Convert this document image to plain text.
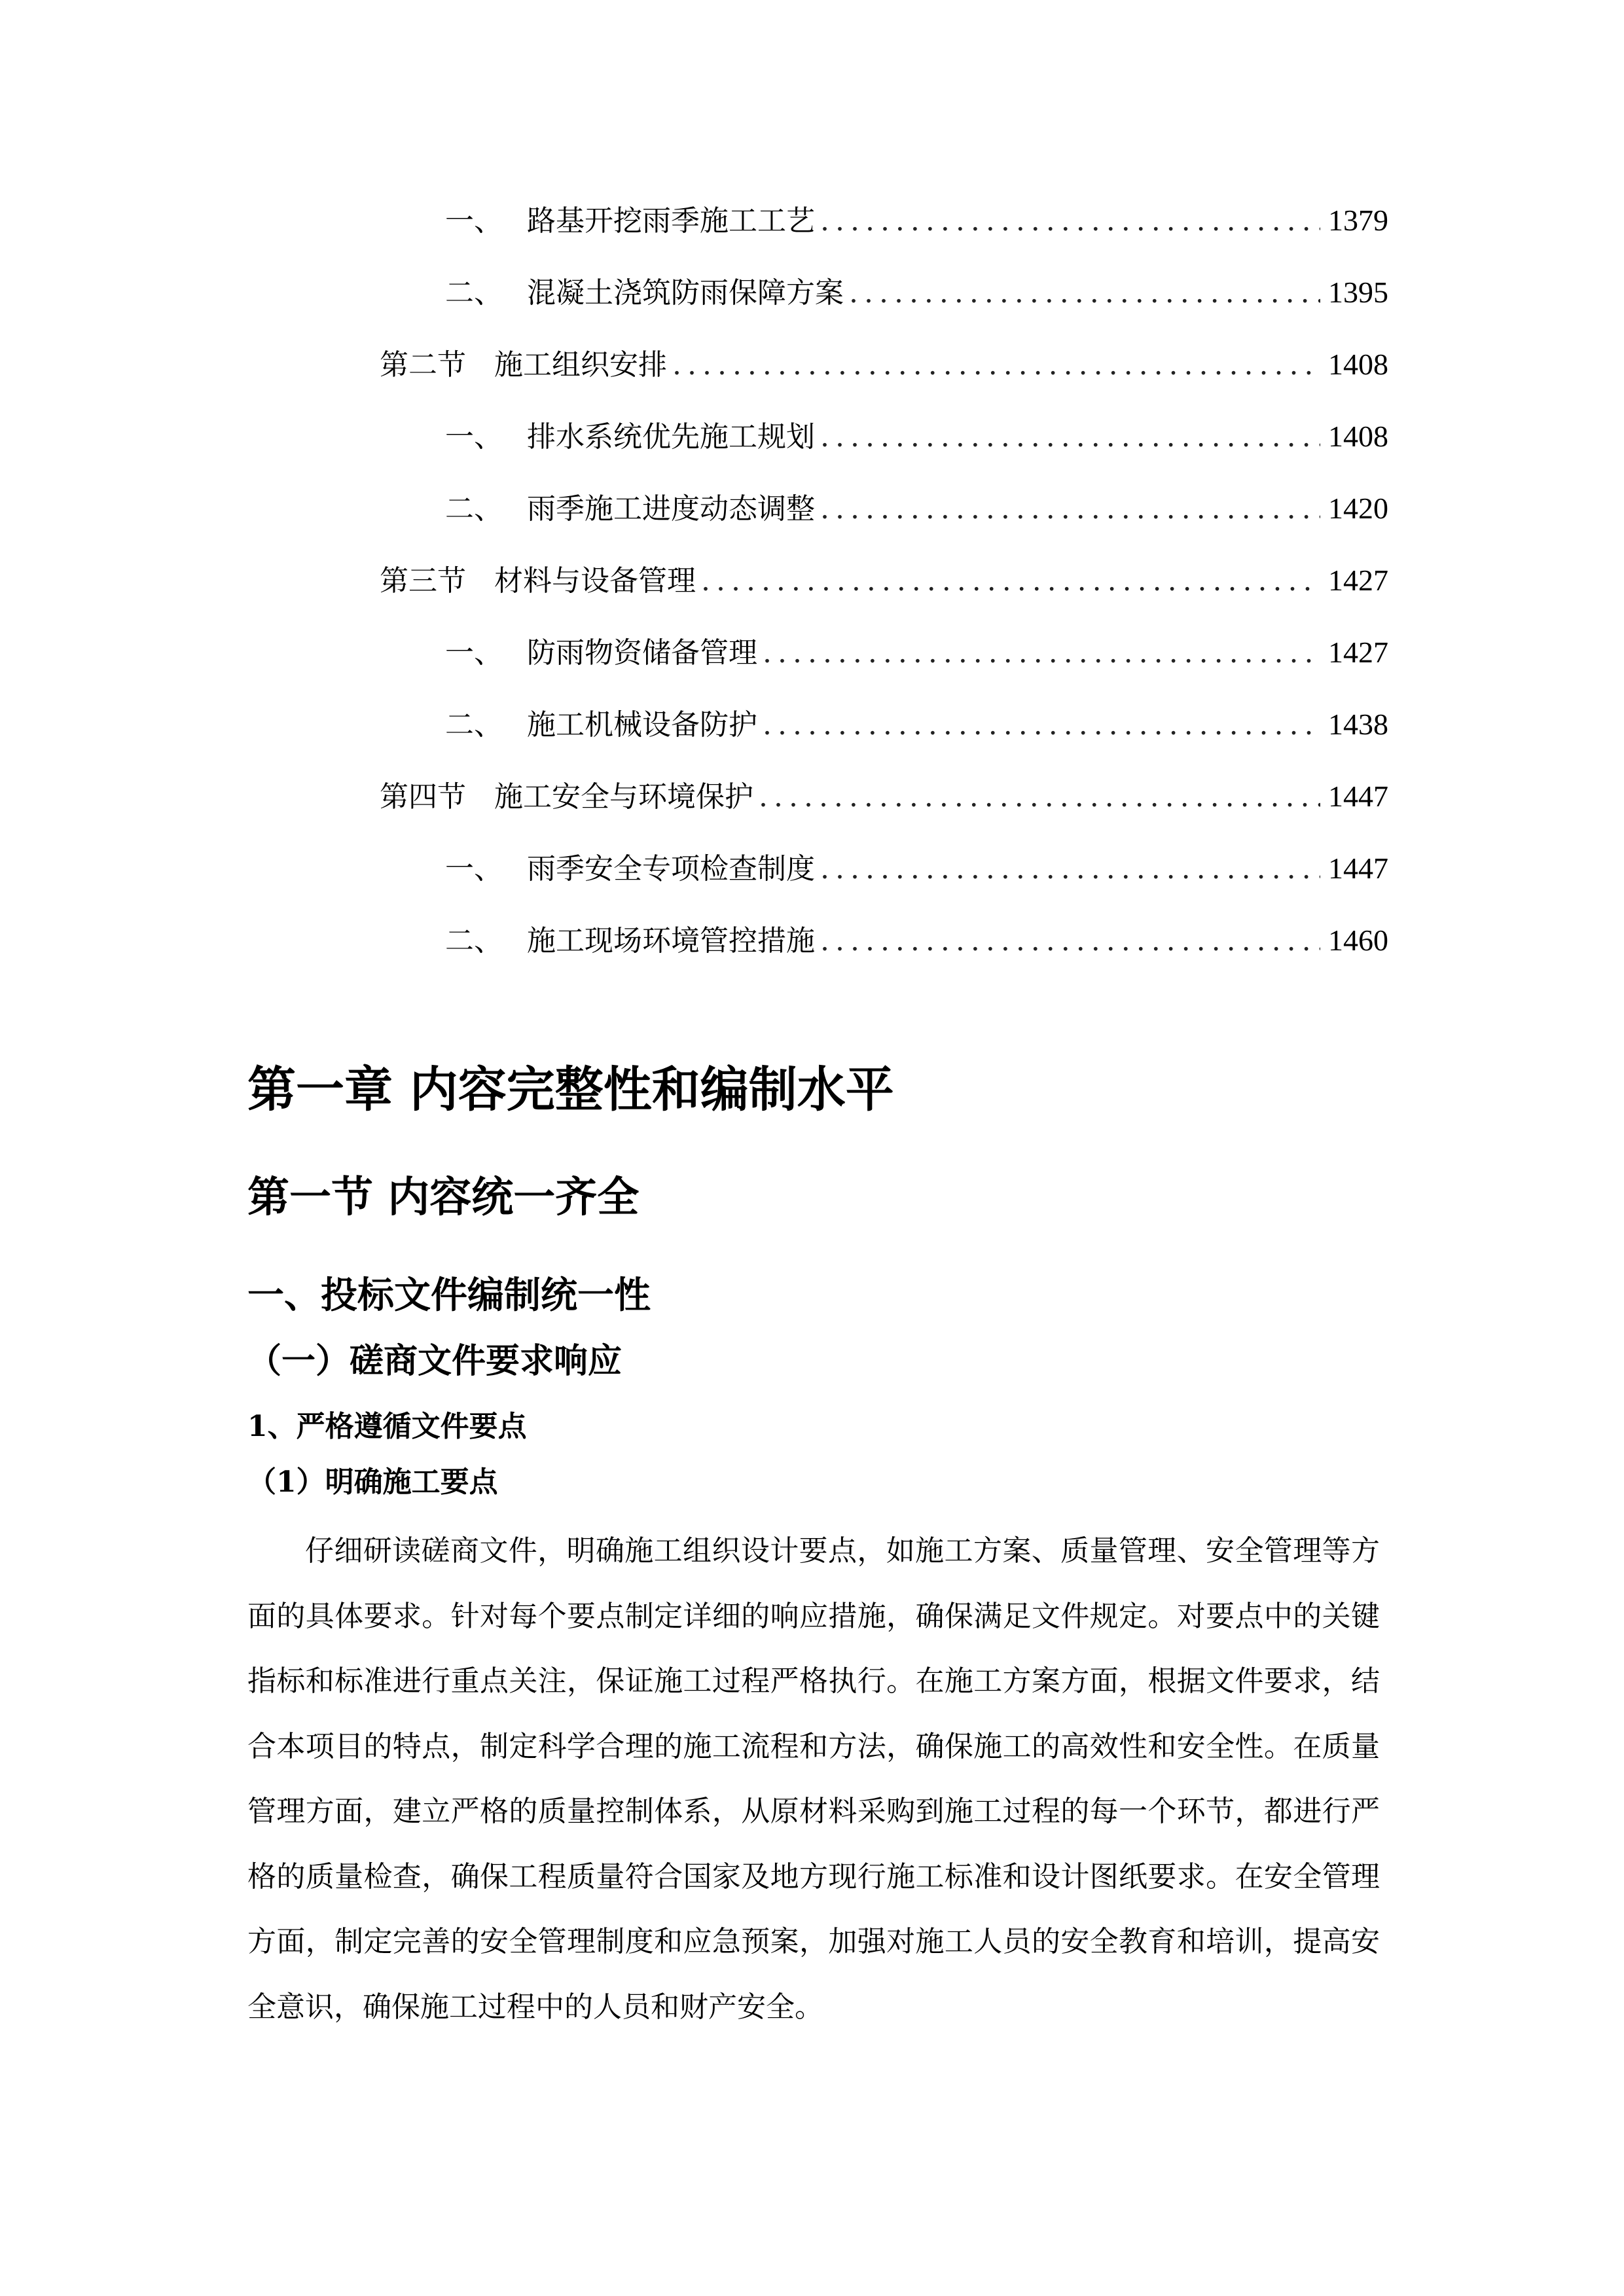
一、 路基开挖雨季施工工艺 .....	1379
二、 混凝土浇筑防雨保障方案 .....	1395
第二节 施工组织安排 .....	1408
一、 排水系统优先施工规划 .....	1408
二、 雨季施工进度动态调整 .....	1420
第三节 材料与设备管理 .....	1427
一、 防雨物资储备管理 .....	1427
二、 施工机械设备防护 .....	1438
第四节 施工安全与环境保护 .....	1447
一、 雨季安全专项检查制度 .....	1447
二、 施工现场环境管控措施 .....	1460
第一章 内容完整性和编制水平
第一节 内容统一齐全
一、投标文件编制统一性
（一）磋商文件要求响应
1、严格遵循文件要点
（1）明确施工要点

仔细研读磋商文件，明确施工组织设计要点，如施工方案、质量管理、安全管理等方面的具体要求。针对每个要点制定详细的响应措施，确保满足文件规定。对要点中的关键指标和标准进行重点关注，保证施工过程严格执行。在施工方案方面，根据文件要求，结合本项目的特点，制定科学合理的施工流程和方法，确保施工的高效性和安全性。在质量管理方面，建立严格的质量控制体系，从原材料采购到施工过程的每一个环节，都进行严格的质量检查，确保工程质量符合国家及地方现行施工标准和设计图纸要求。在安全管理方面，制定完善的安全管理制度和应急预案，加强对施工人员的安全教育和培训，提高安全意识，确保施工过程中的人员和财产安全。
